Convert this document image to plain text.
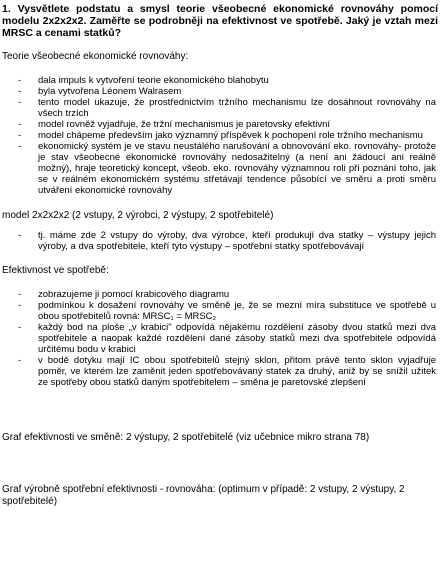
1. Vysvětlete podstatu a smysl teorie všeobecné ekonomické rovnováhy pomocí modelu 2x2x2x2. Zaměřte se podrobněji na efektivnost ve spotřebě. Jaký je vztah mezi MRSC a cenami statků?

Teorie všeobecné ekonomické rovnováhy:

- dala impuls k vytvoření teorie ekonomického blahobytu
- byla vytvořena Léonem Walrasem
- tento model ukazuje, že prostřednictvím tržního mechanismu lze dosáhnout rovnováhy na všech trzích
- model rovněž vyjadřuje, že tržní mechanismus je paretovsky efektivní
- model chápeme především jako významný příspěvek k pochopení role tržního mechanismu
- ekonomický systém je ve stavu neustálého narušování a obnovování eko. rovnováhy- protože je stav všeobecné ekonomické rovnováhy nedosažitelný (a není ani žádoucí ani reálně možný), hraje teoretický koncept, všeob. eko. rovnováhy významnou roli při poznání toho, jak se v reálném ekonomickém systému střetávají tendence působící ve směru a proti směru utváření ekonomické rovnováhy

model 2x2x2x2 (2 vstupy, 2 výrobci, 2 výstupy, 2 spotřebitelé)

- tj. máme zde 2 vstupy do výroby, dva výrobce, kteří produkují dva statky – výstupy jejich výroby, a dva spotřebitele, kteří tyto výstupy – spotřební statky spotřebovávají

Efektivnost ve spotřebě:

- zobrazujeme ji pomocí krabicového diagramu
- podmínkou k dosažení rovnováhy ve směně je, že se mezní míra substituce ve spotřebě u obou spotřebitelů rovná: MRSC₁ = MRSC₂
- každý bod na ploše „v krabici" odpovídá nějakému rozdělení zásoby dvou statků mezi dva spotřebitele a naopak každé rozdělení dané zásoby statků mezi dva spotřebitele odpovídá určitému bodu v krabici
- v bodě dotyku mají IC obou spotřebitelů stejný sklon, přitom právě tento sklon vyjadřuje poměr, ve kterém lze zaměnit jeden spotřebovávaný statek za druhý, aniž by se snížil užitek ze spotřeby obou statků daným spotřebitelem – směna je paretovské zlepšení

Graf efektivnosti ve směně: 2 výstupy, 2 spotřebitelé (viz učebnice mikro strana 78)

Graf výrobně spotřební efektivnosti - rovnováha: (optimum v případě: 2 vstupy, 2 výstupy, 2 spotřebitelé)
